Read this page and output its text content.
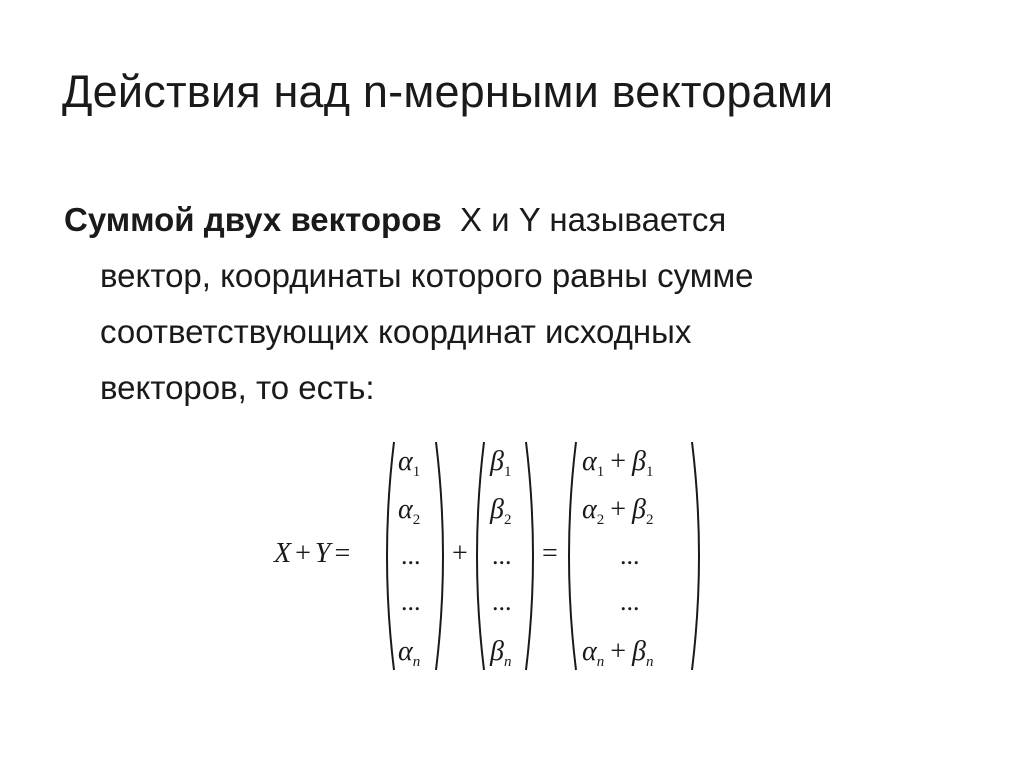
Действия над n-мерными векторами
Суммой двух векторов X и Y называется
вектор, координаты которого равны сумме
соответствующих координат исходных
векторов, то есть:
X + Y =
$\alpha_1$
$\alpha_2$
...
...
$\alpha_n$
+
$\beta_1$
$\beta_2$
...
...
$\beta_n$
=
$\alpha_1 + \beta_1$
$\alpha_2 + \beta_2$
...
...
$\alpha_n + \beta_n$
